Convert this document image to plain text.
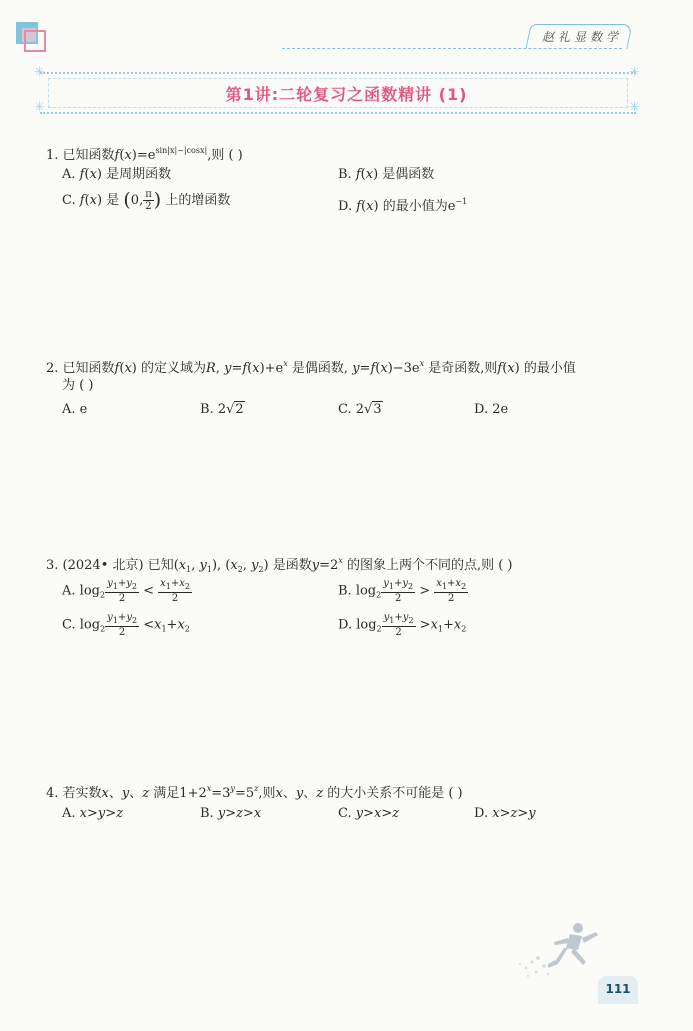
赵礼显数学
✳
✳
✳
✳
第1讲:二轮复习之函数精讲 (1)
1. 已知函数$f(x)=e^{sin|x|-|cosx|}$,则 ( )
A. f(x) 是周期函数	B. f(x) 是偶函数
C. f(x) 是 (0, $\frac{\pi}{2}$ ) 上的增函数	D. f(x) 的最小值为$e^{-1}$
2. 已知函数f(x) 的定义域为R, $y=f(x)+e^x$ 是偶函数, $y=f(x)-3e^x$ 是奇函数,则f(x) 的最小值
为 ( )
A. e	B. 2√2	C. 2√3	D. 2e
3. (2024• 北京) 已知($x_1$, $y_1$), ($x_2$, $y_2$) 是函数$y=2^x$ 的图象上两个不同的点,则 ( )
A. $\log_2 \frac{y_1+y_2}{2} < \frac{x_1+x_2}{2}$	B. $\log_2 \frac{y_1+y_2}{2} > \frac{x_1+x_2}{2}$
C. $\log_2 \frac{y_1+y_2}{2} <x_1+x_2$	D. $\log_2 \frac{y_1+y_2}{2} >x_1+x_2$
4. 若实数x、y、z 满足$1+2^x=3^y=5^z$,则x、y、z 的大小关系不可能是 ( )
A. x>y>z	B. y>z>x	C. y>x>z	D. x>z>y
111
